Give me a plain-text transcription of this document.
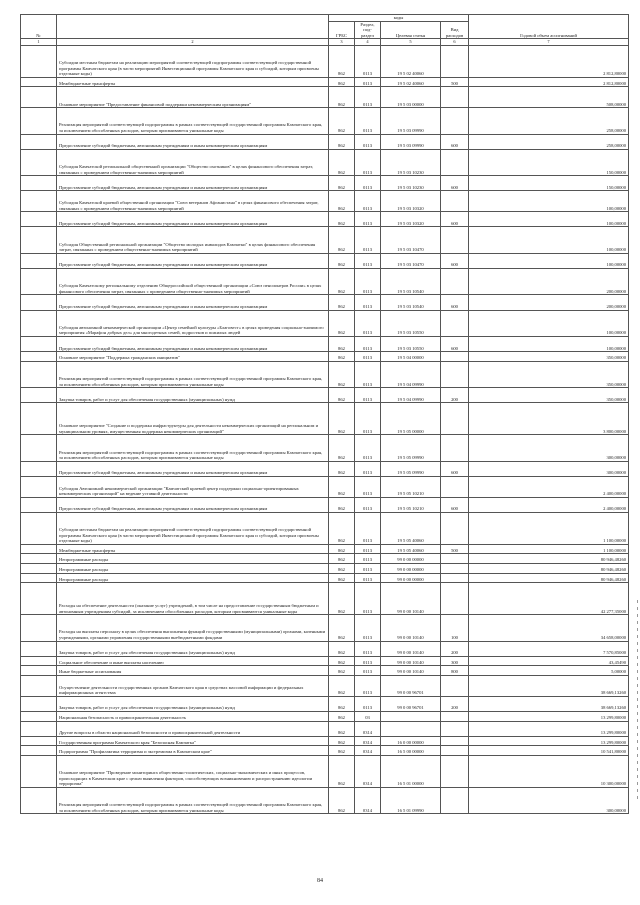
№		коды				Годовой объем ассигнований
		ГРБС	Раздел, под- раздел	Целевая статья	Вид расходов	
1	2	3	4	5	6	7
	Субсидии местным бюджетам на реализацию мероприятий соответствующей подпрограммы соответствующей государственной программы Камчатского края (в части мероприятий Инвестиционной программы Камчатского края и субсидий, которым присвоены отдельные коды)	862	0113	19 5 02 40060		2 812,80000
	Межбюджетные трансферты	862	0113	19 5 02 40060	500	2 812,80000
	Основное мероприятие "Предоставление финансовой поддержки некоммерческим организациям"	862	0113	19 5 03 00000		508,00000
	Реализация мероприятий соответствующей подпрограммы в рамках соответствующей государственной программы Камчатского края, за исключением обособленных расходов, которым присваиваются уникальные коды	862	0113	19 5 03 09990		258,00000
	Предоставление субсидий бюджетным, автономным учреждениям и иным некоммерческим организациям	862	0113	19 5 03 09990	600	258,00000
	Субсидия Камчатской региональной общественной организации "Общество охотников" в целях финансового обеспечения затрат, связанных с проведением общественно-значимых мероприятий	862	0113	19 5 03 10230		150,00000
	Предоставление субсидий бюджетным, автономным учреждениям и иным некоммерческим организациям	862	0113	19 5 03 10230	600	150,00000
	Субсидия Камчатской краевой общественной организации "Союз ветеранов Афганистана" в целях финансового обеспечения затрат, связанных с проведением общественно-значимых мероприятий	862	0113	19 5 03 10320		100,00000
	Предоставление субсидий бюджетным, автономным учреждениям и иным некоммерческим организациям	862	0113	19 5 03 10320	600	100,00000
	Субсидия Общественной региональной организации "Общество молодых инвалидов Камчатки" в целях финансового обеспечения затрат, связанных с проведением общественно-значимых мероприятий	862	0113	19 5 03 10470		100,00000
	Предоставление субсидий бюджетным, автономным учреждениям и иным некоммерческим организациям	862	0113	19 5 03 10470	600	100,00000
	Субсидия Камчатскому региональному отделению Общероссийской общественной организации «Союз пенсионеров России» в целях финансового обеспечения затрат, связанных с проведением общественно-значимых мероприятий	862	0113	19 5 03 10540		200,00000
	Предоставление субсидий бюджетным, автономным учреждениям и иным некоммерческим организациям	862	0113	19 5 03 10540	600	200,00000
	Субсидия автономной некоммерческой организации «Центр семейной культуры «Благовест» в целях проведения социально-значимого мероприятия «Марафон добрых дел» для многодетных семей, подростков и пожилых людей	862	0113	19 5 03 10550		100,00000
	Предоставление субсидий бюджетным, автономным учреждениям и иным некоммерческим организациям	862	0113	19 5 03 10550	600	100,00000
	Основное мероприятие "Поддержка гражданских инициатив"	862	0113	19 5 04 00000		350,00000
	Реализация мероприятий соответствующей подпрограммы в рамках соответствующей государственной программы Камчатского края, за исключением обособленных расходов, которым присваиваются уникальные коды	862	0113	19 5 04 09990		350,00000
	Закупка товаров, работ и услуг для обеспечения государственных (муниципальных) нужд	862	0113	19 5 04 09990	200	350,00000
	Основное мероприятие "Создание и поддержка инфраструктуры для деятельности некоммерческих организаций на региональном и муниципальном уровнях, имущественная поддержка некоммерческих организаций"	862	0113	19 5 05 00000		3 800,00000
	Реализация мероприятий соответствующей подпрограммы в рамках соответствующей государственной программы Камчатского края, за исключением обособленных расходов, которым присваиваются уникальные коды	862	0113	19 5 05 09990		300,00000
	Предоставление субсидий бюджетным, автономным учреждениям и иным некоммерческим организациям	862	0113	19 5 05 09990	600	300,00000
	Субсидия Автономной некоммерческой организации "Камчатский краевой центр поддержки социально-ориентированных некоммерческих организаций" на ведение уставной деятельности	862	0113	19 5 05 10210		2 400,00000
	Предоставление субсидий бюджетным, автономным учреждениям и иным некоммерческим организациям	862	0113	19 5 05 10210	600	2 400,00000
	Субсидии местным бюджетам на реализацию мероприятий соответствующей подпрограммы соответствующей государственной программы Камчатского края (в части мероприятий Инвестиционной программы Камчатского края и субсидий, которым присвоены отдельные коды)	862	0113	19 5 05 40060		1 100,00000
	Межбюджетные трансферты	862	0113	19 5 05 40060	500	1 100,00000
	Непрограммные расходы	862	0113	99 0 00 00000		80 946,48260
	Непрограммные расходы	862	0113	99 0 00 00000		80 946,48260
	Непрограммные расходы	862	0113	99 0 00 00000		80 946,48260
	Расходы на обеспечение деятельности (оказание услуг) учреждений, в том числе на предоставление государственным бюджетным и автономным учреждениям субсидий, за исключением обособленных расходов, которым присваиваются уникальные коды	862	0113	99 0 00 10140		42 277,35000
	Расходы на выплаты персоналу в целях обеспечения выполнения функций государственными (муниципальными) органами, казенными учреждениями, органами управления государственными внебюджетными фондами	862	0113	99 0 00 10140	100	34 658,00000
	Закупка товаров, работ и услуг для обеспечения государственных (муниципальных) нужд	862	0113	99 0 00 10140	200	7 570,85000
	Социальное обеспечение и иные выплаты населению	862	0113	99 0 00 10140	300	43,45490
	Иные бюджетные ассигнования	862	0113	99 0 00 10140	800	5,00000
	Осуществление деятельности государственных органов Камчатского края в средствах массовой информации и федеральных информационных агентствах	862	0113	99 0 00 96701		38 669,13260
	Закупка товаров, работ и услуг для обеспечения государственных (муниципальных) нужд	862	0113	99 0 00 96701	200	38 669,13260
	Национальная безопасность и правоохранительная деятельность	862	03			13 299,80000
	Другие вопросы в области национальной безопасности и правоохранительной деятельности	862	0314			13 299,80000
	Государственная программа Камчатского края "Безопасная Камчатка"	862	0314	16 0 00 00000		13 299,80000
	Подпрограмма "Профилактика терроризма и экстремизма в Камчатском крае"	862	0314	16 5 00 00000		10 541,80000
	Основное мероприятие "Проведение мониторинга общественно-политических, социально-экономических и иных процессов, происходящих в Камчатском крае с целью выявления факторов, способствующих возникновению и распространению идеологии терроризма"	862	0314	16 5 01 00000		10 300,00000
	Реализация мероприятий соответствующей подпрограммы в рамках соответствующей государственной программы Камчатского края, за исключением обособленных расходов, которым присваиваются уникальные коды	862	0314	16 5 01 09990		300,00000
84
